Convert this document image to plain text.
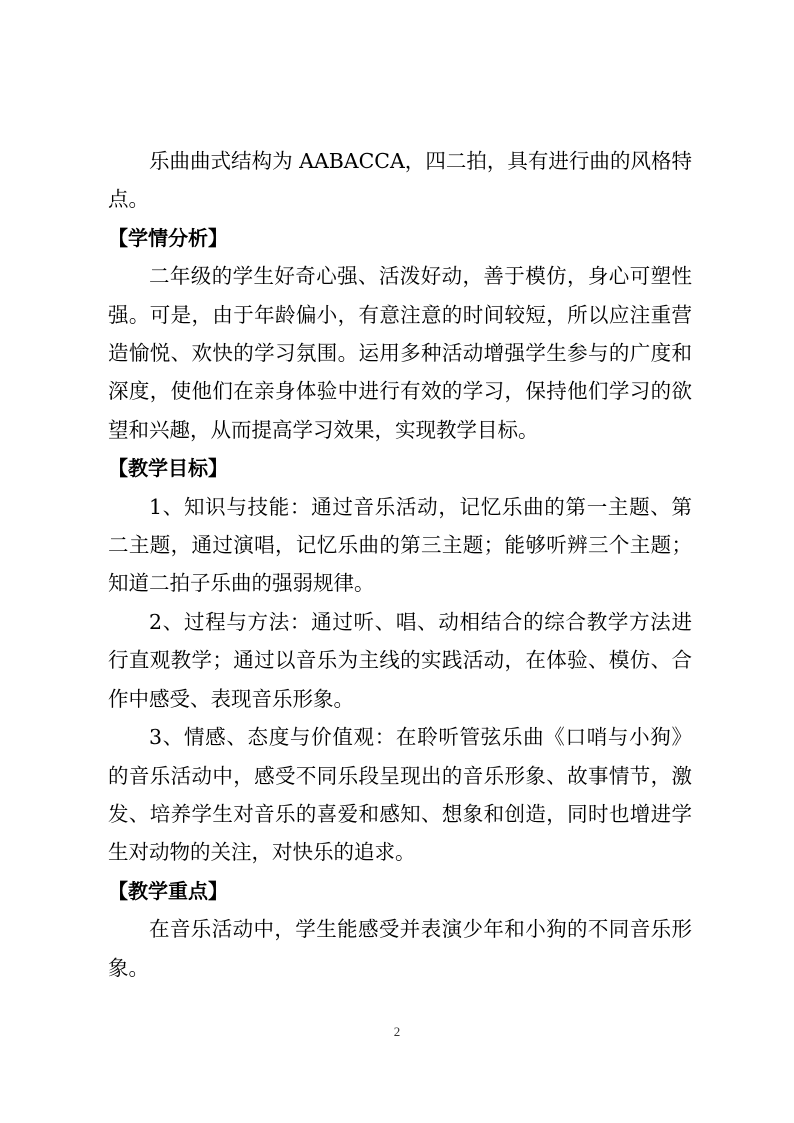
乐曲曲式结构为 AABACCA，四二拍，具有进行曲的风格特点。

【学情分析】

二年级的学生好奇心强、活泼好动，善于模仿，身心可塑性强。可是，由于年龄偏小，有意注意的时间较短，所以应注重营造愉悦、欢快的学习氛围。运用多种活动增强学生参与的广度和深度，使他们在亲身体验中进行有效的学习，保持他们学习的欲望和兴趣，从而提高学习效果，实现教学目标。

【教学目标】

1、知识与技能：通过音乐活动，记忆乐曲的第一主题、第二主题，通过演唱，记忆乐曲的第三主题；能够听辨三个主题；知道二拍子乐曲的强弱规律。

2、过程与方法：通过听、唱、动相结合的综合教学方法进行直观教学；通过以音乐为主线的实践活动，在体验、模仿、合作中感受、表现音乐形象。

3、情感、态度与价值观：在聆听管弦乐曲《口哨与小狗》的音乐活动中，感受不同乐段呈现出的音乐形象、故事情节，激发、培养学生对音乐的喜爱和感知、想象和创造，同时也增进学生对动物的关注，对快乐的追求。

【教学重点】

在音乐活动中，学生能感受并表演少年和小狗的不同音乐形象。

2
